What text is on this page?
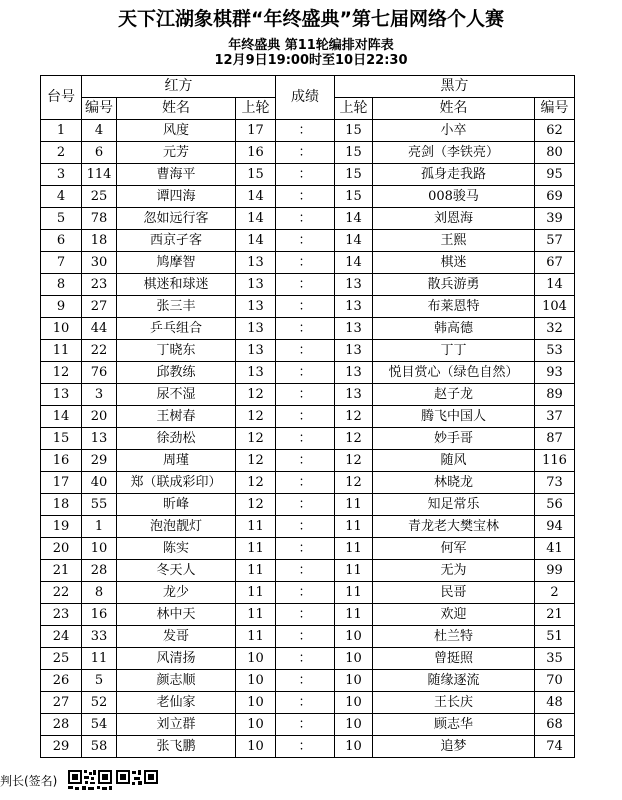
天下江湖象棋群“年终盛典”第七届网络个人赛
年终盛典 第11轮编排对阵表
12月9日19:00时至10日22:30
台号	红方			成绩	黑方		
	编号	姓名	上轮		上轮	姓名	编号
1	4	风度	17	：	15	小卒	62
2	6	元芳	16	：	15	亮剑（李铁亮）	80
3	114	曹海平	15	：	15	孤身走我路	95
4	25	谭四海	14	：	15	008骏马	69
5	78	忽如远行客	14	：	14	刘恩海	39
6	18	西京孑客	14	：	14	王熙	57
7	30	鸠摩智	13	：	14	棋迷	67
8	23	棋迷和球迷	13	：	13	散兵游勇	14
9	27	张三丰	13	：	13	布莱恩特	104
10	44	乒乓组合	13	：	13	韩高德	32
11	22	丁晓东	13	：	13	丁丁	53
12	76	邱教练	13	：	13	悦目赏心（绿色自然）	93
13	3	尿不湿	12	：	13	赵子龙	89
14	20	王树春	12	：	12	腾飞中国人	37
15	13	徐劲松	12	：	12	妙手哥	87
16	29	周瑾	12	：	12	随风	116
17	40	郑（联成彩印）	12	：	12	林晓龙	73
18	55	昕峰	12	：	11	知足常乐	56
19	1	泡泡靓灯	11	：	11	青龙老大樊宝林	94
20	10	陈实	11	：	11	何军	41
21	28	冬天人	11	：	11	无为	99
22	8	龙少	11	：	11	民哥	2
23	16	林中天	11	：	11	欢迎	21
24	33	发哥	11	：	10	杜兰特	51
25	11	风清扬	10	：	10	曾挺照	35
26	5	颜志顺	10	：	10	随缘逐流	70
27	52	老仙家	10	：	10	王长庆	48
28	54	刘立群	10	：	10	顾志华	68
29	58	张飞鹏	10	：	10	追梦	74
判长(签名)
